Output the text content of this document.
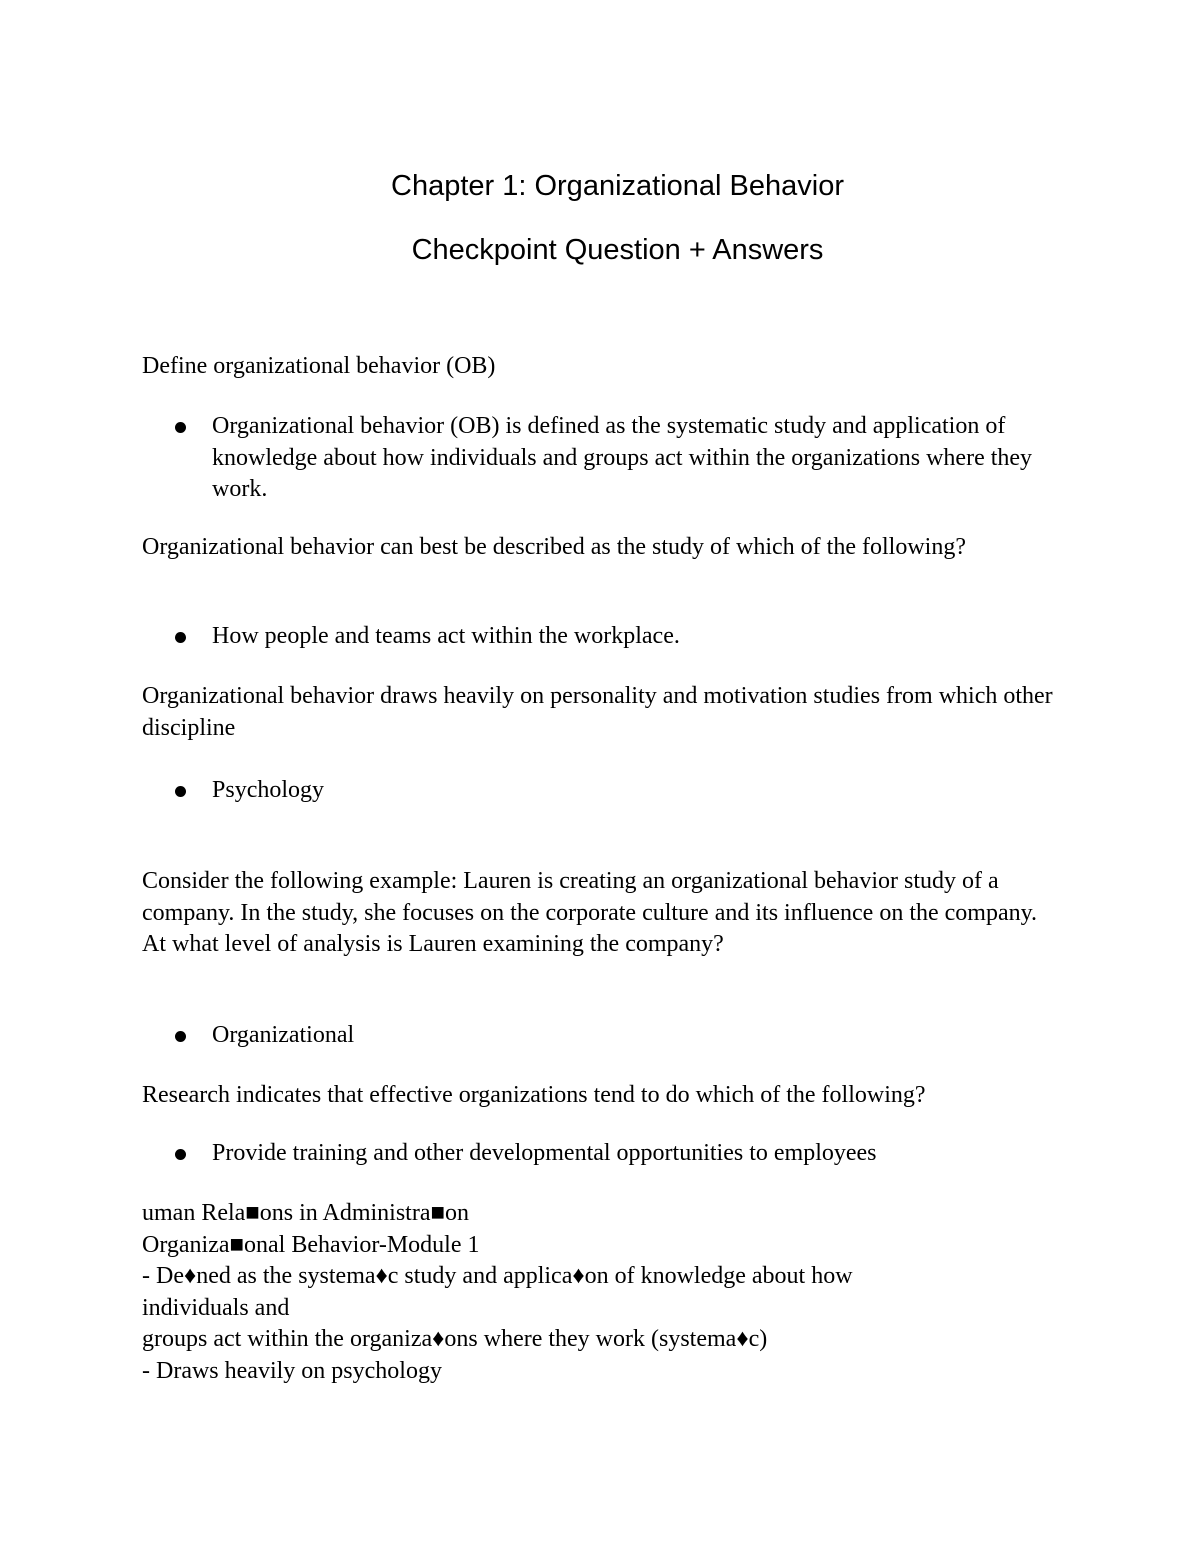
Chapter 1: Organizational Behavior
Checkpoint Question + Answers
Define organizational behavior (OB)
Organizational behavior (OB) is defined as the systematic study and application of knowledge about how individuals and groups act within the organizations where they work.
Organizational behavior can best be described as the study of which of the following?
How people and teams act within the workplace.
Organizational behavior draws heavily on personality and motivation studies from which other discipline
Psychology
Consider the following example: Lauren is creating an organizational behavior study of a company. In the study, she focuses on the corporate culture and its influence on the company. At what level of analysis is Lauren examining the company?
Organizational
Research indicates that effective organizations tend to do which of the following?
Provide training and other developmental opportunities to employees
uman Rela■ons in Administra■on
Organiza■onal Behavior-Module 1
- De♦ned as the systema♦c study and applica♦on of knowledge about how
individuals and
groups act within the organiza♦ons where they work (systema♦c)
- Draws heavily on psychology
